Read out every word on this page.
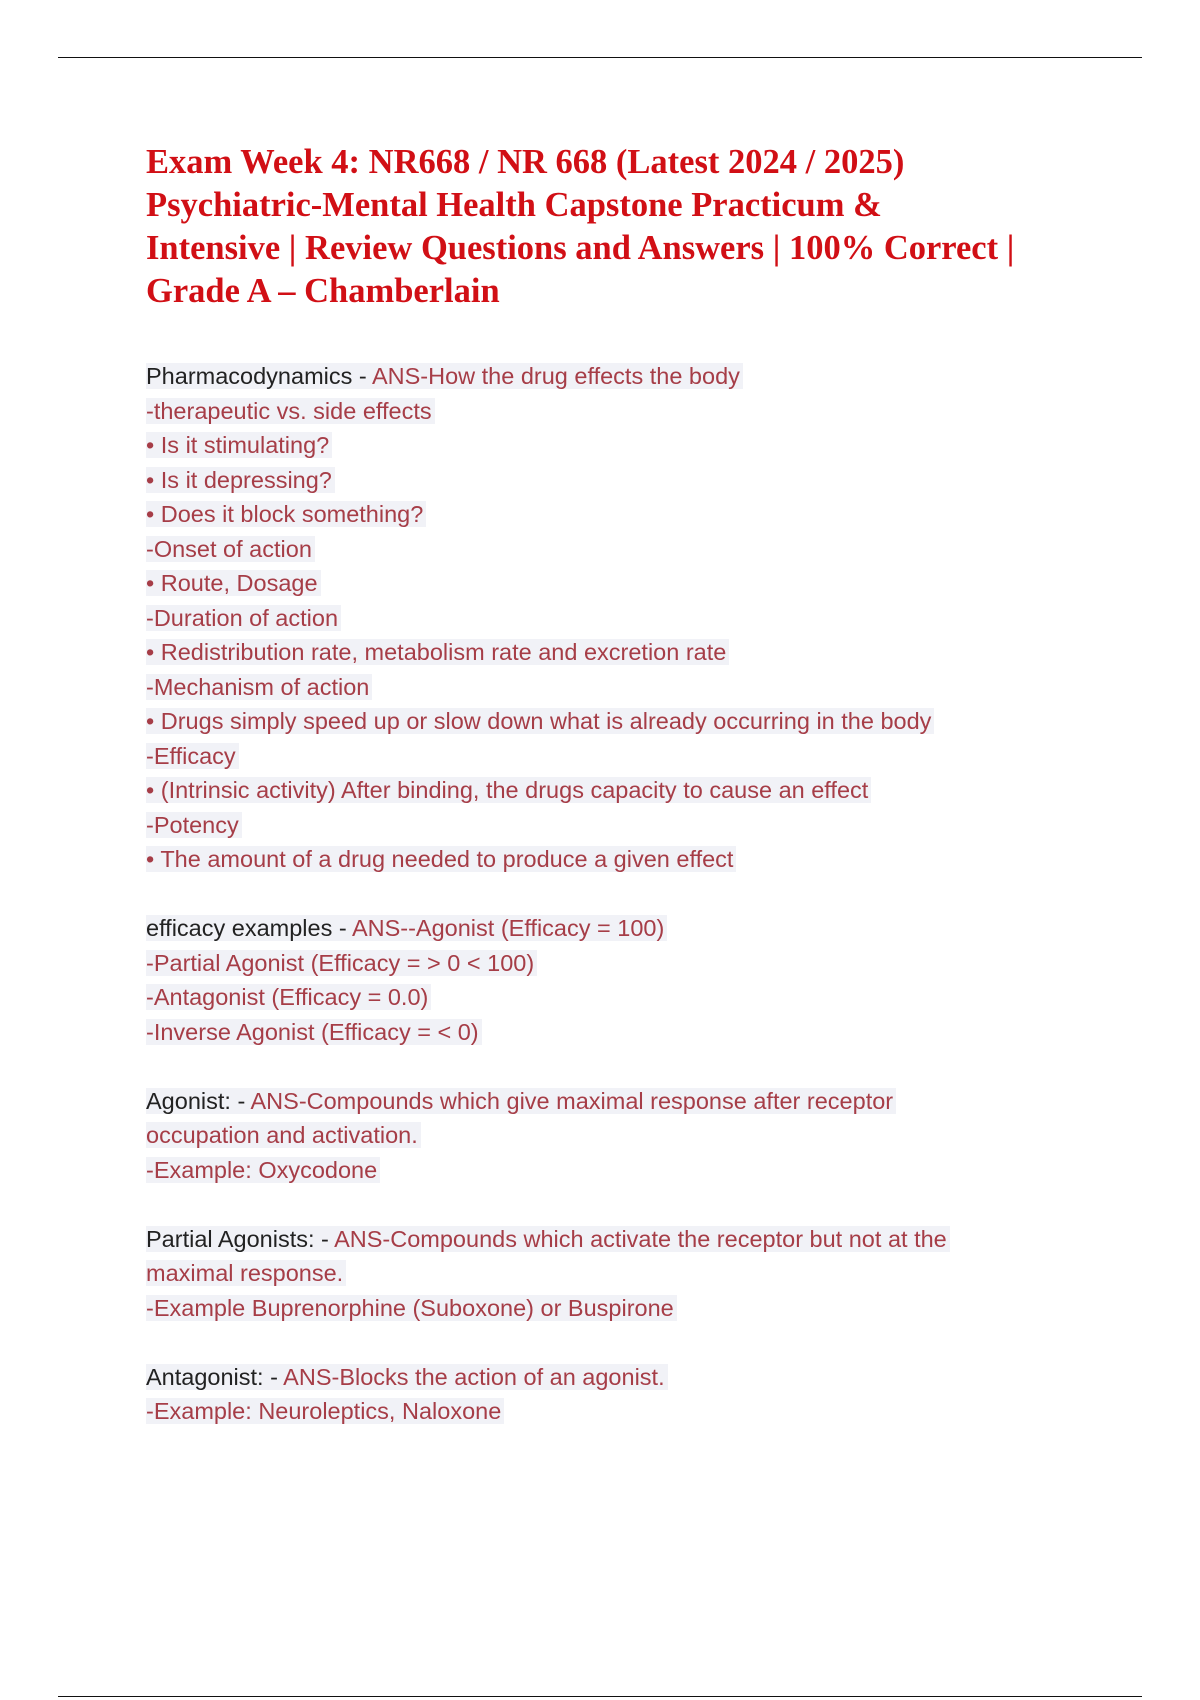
Exam Week 4: NR668 / NR 668 (Latest 2024 / 2025)
Psychiatric-Mental Health Capstone Practicum &
Intensive | Review Questions and Answers | 100% Correct |
Grade A – Chamberlain
Pharmacodynamics - ANS-How the drug effects the body
-therapeutic vs. side effects
• Is it stimulating?
• Is it depressing?
• Does it block something?
-Onset of action
• Route, Dosage
-Duration of action
• Redistribution rate, metabolism rate and excretion rate
-Mechanism of action
• Drugs simply speed up or slow down what is already occurring in the body
-Efficacy
• (Intrinsic activity) After binding, the drugs capacity to cause an effect
-Potency
• The amount of a drug needed to produce a given effect
efficacy examples - ANS--Agonist (Efficacy = 100)
-Partial Agonist (Efficacy = > 0 < 100)
-Antagonist (Efficacy = 0.0)
-Inverse Agonist (Efficacy = < 0)
Agonist: - ANS-Compounds which give maximal response after receptor
occupation and activation.
-Example: Oxycodone
Partial Agonists: - ANS-Compounds which activate the receptor but not at the
maximal response.
-Example Buprenorphine (Suboxone) or Buspirone
Antagonist: - ANS-Blocks the action of an agonist.
-Example: Neuroleptics, Naloxone
